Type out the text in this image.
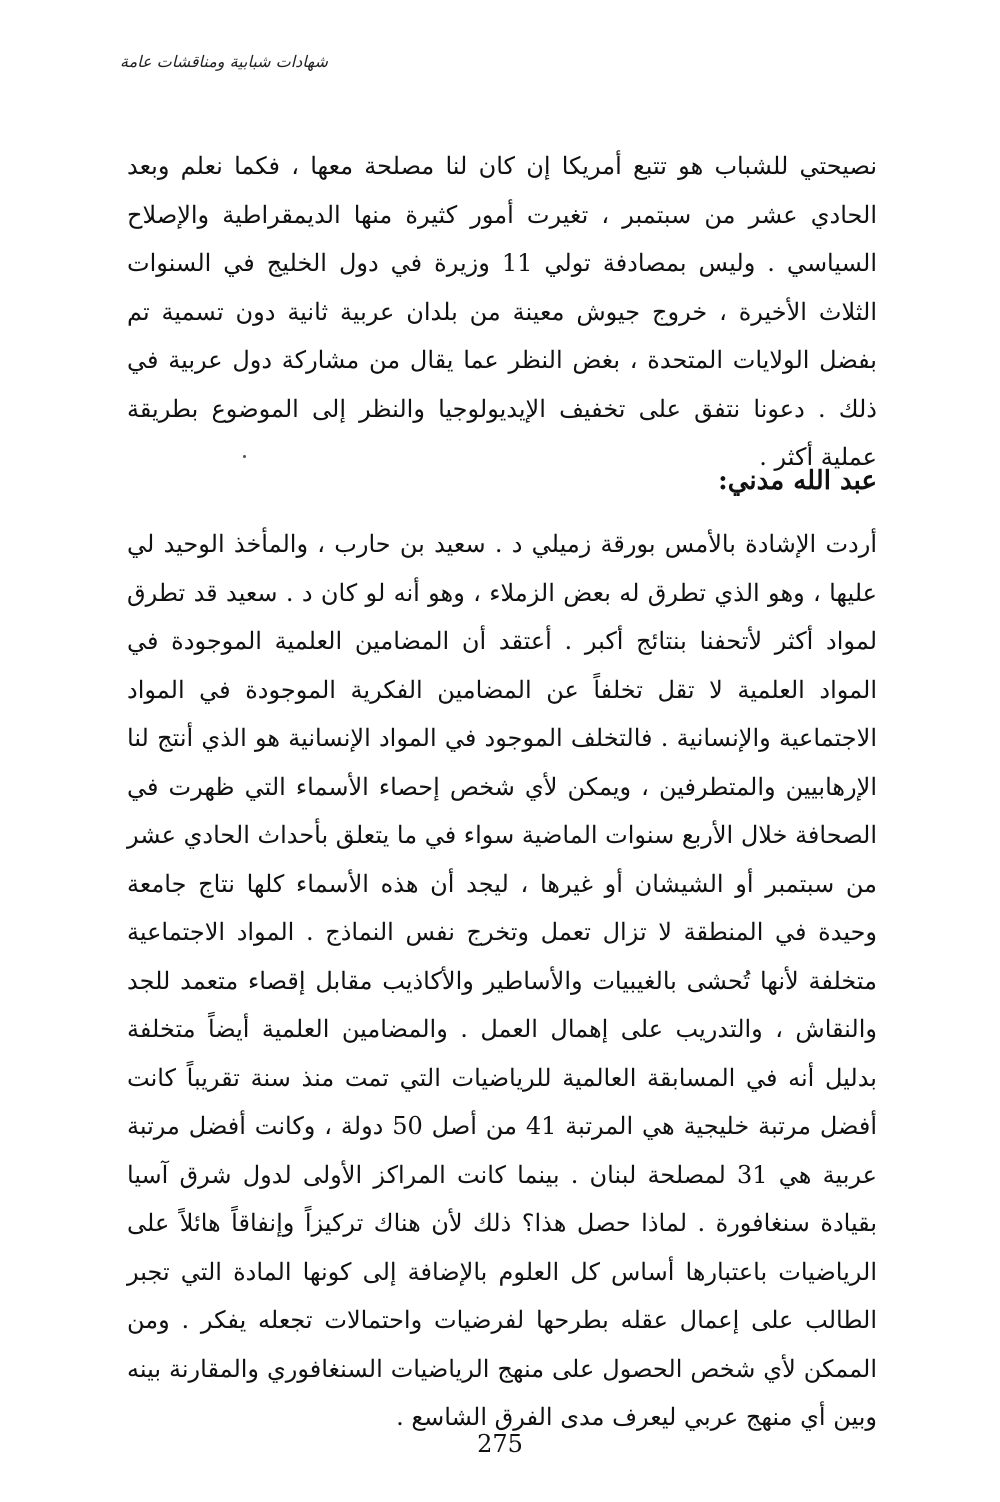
شهادات شبابية ومناقشات عامة

نصيحتي للشباب هو تتبع أمريكا إن كان لنا مصلحة معها ، فكما نعلم وبعد الحادي عشر من سبتمبر ، تغيرت أمور كثيرة منها الديمقراطية والإصلاح السياسي . وليس بمصادفة تولي 11 وزيرة في دول الخليج في السنوات الثلاث الأخيرة ، خروج جيوش معينة من بلدان عربية ثانية دون تسمية تم بفضل الولايات المتحدة ، بغض النظر عما يقال من مشاركة دول عربية في ذلك . دعونا نتفق على تخفيف الإيديولوجيا والنظر إلى الموضوع بطريقة عملية أكثر .

عبد الله مدني:

أردت الإشادة بالأمس بورقة زميلي د . سعيد بن حارب ، والمأخذ الوحيد لي عليها ، وهو الذي تطرق له بعض الزملاء ، وهو أنه لو كان د . سعيد قد تطرق لمواد أكثر لأتحفنا بنتائج أكبر . أعتقد أن المضامين العلمية الموجودة في المواد العلمية لا تقل تخلفاً عن المضامين الفكرية الموجودة في المواد الاجتماعية والإنسانية . فالتخلف الموجود في المواد الإنسانية هو الذي أنتج لنا الإرهابيين والمتطرفين ، ويمكن لأي شخص إحصاء الأسماء التي ظهرت في الصحافة خلال الأربع سنوات الماضية سواء في ما يتعلق بأحداث الحادي عشر من سبتمبر أو الشيشان أو غيرها ، ليجد أن هذه الأسماء كلها نتاج جامعة وحيدة في المنطقة لا تزال تعمل وتخرج نفس النماذج . المواد الاجتماعية متخلفة لأنها تُحشى بالغيبيات والأساطير والأكاذيب مقابل إقصاء متعمد للجد والنقاش ، والتدريب على إهمال العمل . والمضامين العلمية أيضاً متخلفة بدليل أنه في المسابقة العالمية للرياضيات التي تمت منذ سنة تقريباً كانت أفضل مرتبة خليجية هي المرتبة 41 من أصل 50 دولة ، وكانت أفضل مرتبة عربية هي 31 لمصلحة لبنان . بينما كانت المراكز الأولى لدول شرق آسيا بقيادة سنغافورة . لماذا حصل هذا؟ ذلك لأن هناك تركيزاً وإنفاقاً هائلاً على الرياضيات باعتبارها أساس كل العلوم بالإضافة إلى كونها المادة التي تجبر الطالب على إعمال عقله بطرحها لفرضيات واحتمالات تجعله يفكر . ومن الممكن لأي شخص الحصول على منهج الرياضيات السنغافوري والمقارنة بينه وبين أي منهج عربي ليعرف مدى الفرق الشاسع .

275
